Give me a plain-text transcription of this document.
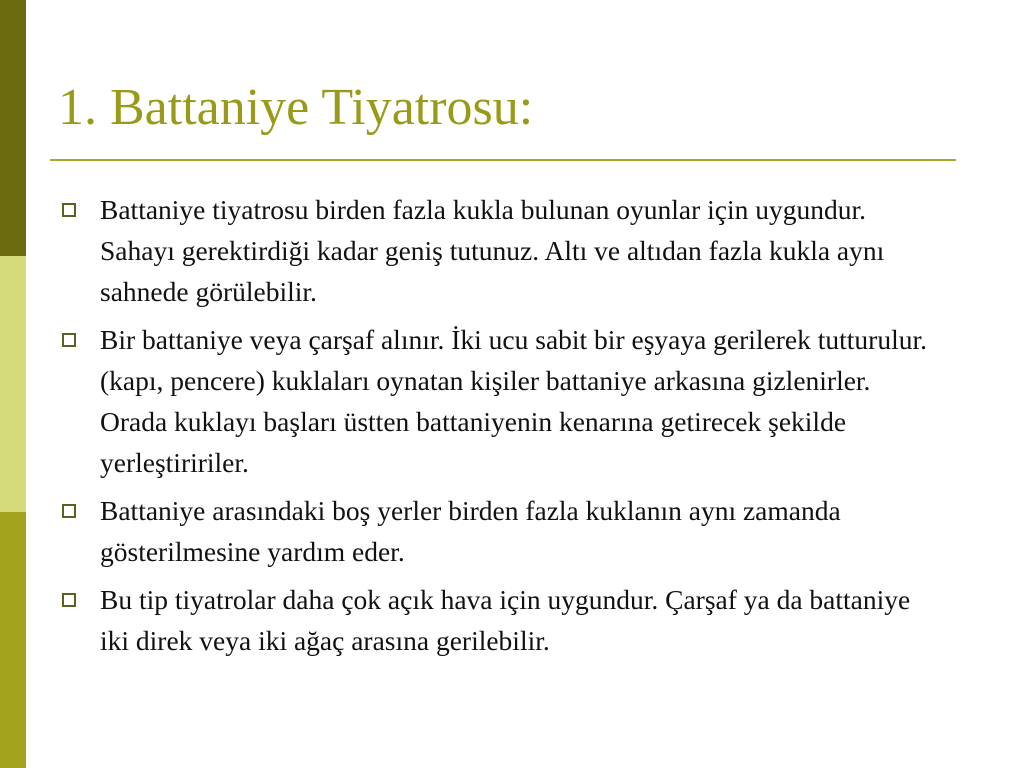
1. Battaniye Tiyatrosu:
Battaniye tiyatrosu birden fazla kukla bulunan oyunlar için uygundur. Sahayı gerektirdiği kadar geniş tutunuz. Altı ve altıdan fazla kukla aynı sahnede görülebilir.
Bir battaniye veya çarşaf alınır. İki ucu sabit bir eşyaya gerilerek tutturulur. (kapı, pencere) kuklaları oynatan kişiler battaniye arkasına gizlenirler. Orada kuklayı başları üstten battaniyenin kenarına getirecek şekilde yerleştiririler.
Battaniye arasındaki boş yerler birden fazla kuklanın aynı zamanda gösterilmesine yardım eder.
Bu tip tiyatrolar daha çok açık hava için uygundur. Çarşaf ya da battaniye iki direk veya iki ağaç arasına gerilebilir.
